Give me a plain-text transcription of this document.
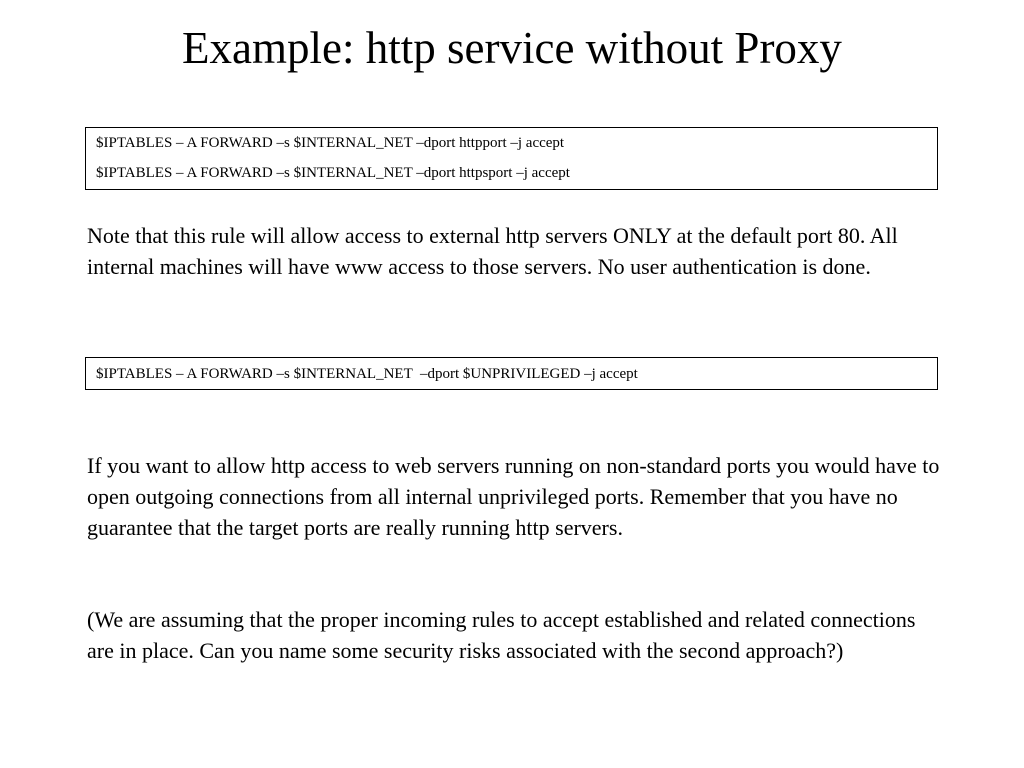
Example: http service without Proxy
$IPTABLES – A FORWARD –s $INTERNAL_NET –dport httpport –j accept
$IPTABLES – A FORWARD –s $INTERNAL_NET –dport httpsport –j accept

Note that this rule will allow access to external http servers ONLY at the default port 80. All internal machines will have www access to those servers. No user authentication is done.

$IPTABLES – A FORWARD –s $INTERNAL_NET  –dport $UNPRIVILEGED –j accept

If you want to allow http access to web servers running on non-standard ports you would have to open outgoing connections from all internal unprivileged ports. Remember that you have no guarantee that the target ports are really running http servers.

(We are assuming that the proper incoming rules to accept established and related connections are in place. Can you name some security risks associated with the second approach?)
